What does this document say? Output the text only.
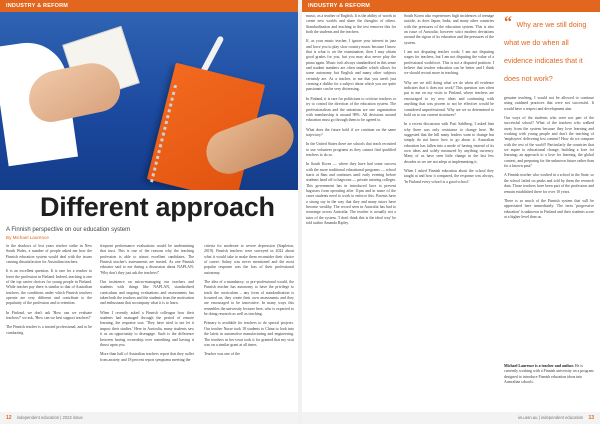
INDUSTRY & REFORM	INDUSTRY & REFORM
Different approach
A Finnish perspective on our education system
By Michael Laurence

In the shadows of lost years teacher strike in New South Wales, a number of people asked me how the Finnish education system would deal with the issues causing dissatisfaction for Australian teachers.

It is an excellent question. It is rare for a teacher to leave the profession in Finland. Indeed, teaching is one of the top career choices for young people in Finland. While teacher pay there is similar to that of Australian teachers, the conditions under which Finnish teachers operate are very different and contribute to the popularity of the profession and to retention.

In Finland, we don't ask 'How can we evaluate teachers?' we ask, 'How can we best support teachers?'

The Finnish teacher is a trusted professional, and to be conducting

frequent performance evaluations would be undermining that trust. This is one of the reasons why the teaching profession is able to attract excellent candidates. The Finnish teacher's assessments are trusted. As one Finnish educator said to me during a discussion about NAPLAN: 'Why don't they just ask the teachers?'

Our insistence on micro-managing our teachers and students with things like NAPLAN, standardised curriculum and ongoing evaluations and assessments has taken both the teachers and the students from the motivation and enthusiasm that accompany what it is to learn.

When I recently asked a Finnish colleague how their students had managed through the period of remote learning, the response was: 'They have tried to not let it impact their studies.' Here in Australia, many students saw it as an opportunity to disengage. Such is the difference between having ownership over something and having it thrust upon you.

More than half of Australian teachers report that they suffer from anxiety and 18 percent report symptoms meeting the

criteria for moderate to severe depression (Stapleton, 2019). Finnish teachers were surveyed in 2022 about what it would take to make them reconsider their choice of career. Salary was never mentioned and the most popular response was the loss of their professional autonomy.

The idea of a mandatory, or pre-professional would, the Finnish teacher has autonomy to have the privilege to teach the curriculum – any form of standardisation is frowned on, they create their own assessments and they are encouraged to be innovative. In many ways this resembles the university lecturer here, who is expected to be doing research as well as teaching.

Primary is available for teachers to do special projects. Our teacher Nurse took 18 students to China to look into the latest in automotive manufacturing and engineering. The teachers in her town took it for granted that my visit was on a similar grant at all times.

Teacher was one of the

music, as a teacher of English. It is the ability of words to create new worlds and share the thoughts of others. Standardisation and teaching to the test removes this for both the students and the teachers.

If, as your music teacher, I ignore your interest in jazz and force you to play slow country music because I know that is what is on the examination, then I may obtain good grades for you, but you may also never play the piano again. Music isn't always standardised in this sense and student numbers are often smaller which allows for some autonomy but English and many other subjects certainly are. As a teacher, to me that you aren't just creating a dislike for a subject about which you are quite passionate can be very distressing.

In Finland, it is rare for politicians to criticise teachers or try to control the direction of the education system. The professionalism and the unionism are one organisation with membership is around 98%. All decisions around education must go through them to be agreed to.

What does the future hold if we continue on the same trajectory?

In the United States there are schools that teach recruited to use volunteer programs as they cannot find qualified teachers to do so.

In South Korea — where they have had some success with the more traditional educational programs — school starts at 8am and continues until early evening before students head off to hagwons — private tutoring colleges. This government has in introduced laws to prevent hagwons from operating after 11pm and in some of the cases students need to work to enforce this. Parents have a strong say in the way that they and many tutors have become wealthy. The record seen in Australia has had to rearrange across Australia. The teacher is actually not a tutor of the system. 'I don't think this is the ideal way' he told author Amanda Ripley.

South Korea also experiences high incidences of teenage suicide, as does Japan, India, and many other countries with the pressures of the education system. This is also an issue of Australia; however strict modern deviations around the rigour of its education and the pressures of the system.

I am not disputing teacher work; I am not disputing wages for teachers, but I am not disputing the value of a professional workforce. This is not a disputed position: I believe that teacher education can be better and I think we should recruit more in teaching.

Why are we still doing what we do when all evidence indicates that it does not work? This question was often put to me on my visits to Finland, where teachers are encouraged to try new ideas and continuing with anything that was proven to not be effective would be considered unprofessional. Why are we so determined to hold on to our current structures?

In a recent discussion with Pasi Sahlberg, I asked him why there was only resistance to change here. He suggested that the bill many leaders want to change but simply do not know how to go about it. Australian education has fallen into a mode of having instead of its own ideas and solely measured by anything currency. Many of us have seen little change in the last few decades as we are not adept at implementing it.

When I asked Finnish education about the school they taught at and how it compared, the response was always, 'In Finland every school is a good school.'

“ Why are we still doing what we do when all evidence indicates that it does not work?

genuine teaching, I would not be allowed to continue using outdated practices that were not successful. It would have a respect and development aim.

Our ways of the students who were not part of the successful school? What of the teachers who walked away from the system because they love learning and working with young people and don't the teaching of 'employees' delivering lost content? How do we compare with the rest of the world? Particularly the countries that we aspire to educational change, building a love for learning; an approach to a love for learning, the global context, and preparing for the unknown future rather than for a known past?

A Finnish teacher who worked in a school in the State, so the school failed on peaks and told by them the research data. Those teachers have been part of the profession and remain established there for over 10 years.

There is so much of the Finnish system that will be appreciated here immediately. The term 'progressive education' is unknown in Finland and their students score at a higher level than us.

Michael Laurence is a teacher and author. He is currently working with a Finnish university on a program designed to introduce Finnish education ideas into Australian schools.
12 independent education | 2022 issue	ieu.asn.au | independent education 13
